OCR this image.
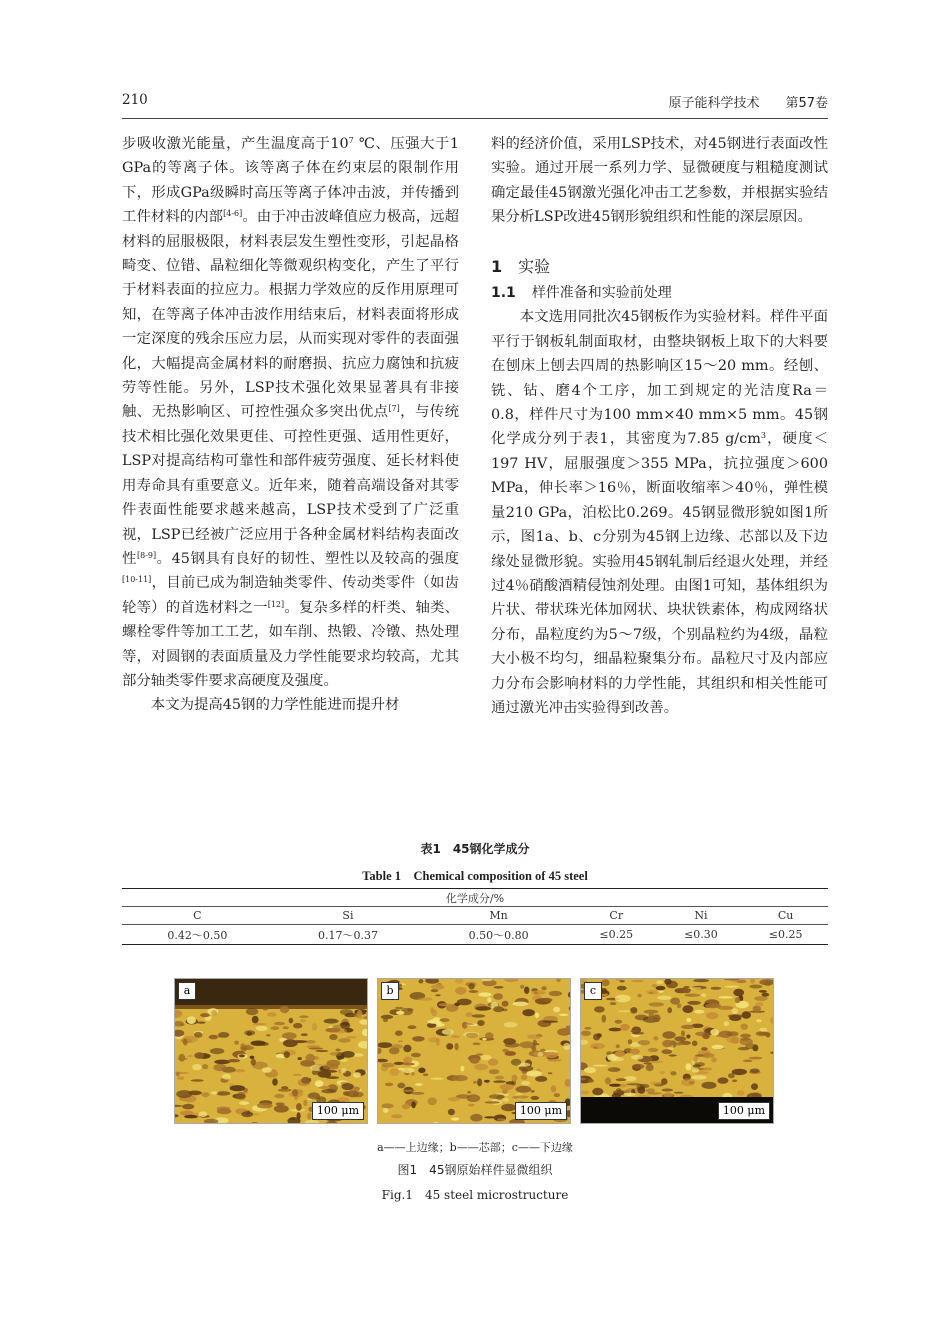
210	原子能科学技术 第57卷

步吸收激光能量，产生温度高于$10^7$ ℃、压强大于1 GPa的等离子体。该等离子体在约束层的限制作用下，形成GPa级瞬时高压等离子体冲击波，并传播到工件材料的内部[4-6]。由于冲击波峰值应力极高，远超材料的屈服极限，材料表层发生塑性变形，引起晶格畸变、位错、晶粒细化等微观织构变化，产生了平行于材料表面的拉应力。根据力学效应的反作用原理可知，在等离子体冲击波作用结束后，材料表面将形成一定深度的残余压应力层，从而实现对零件的表面强化，大幅提高金属材料的耐磨损、抗应力腐蚀和抗疲劳等性能。另外，LSP技术强化效果显著具有非接触、无热影响区、可控性强众多突出优点[7]，与传统技术相比强化效果更佳、可控性更强、适用性更好，LSP对提高结构可靠性和部件疲劳强度、延长材料使用寿命具有重要意义。近年来，随着高端设备对其零件表面性能要求越来越高，LSP技术受到了广泛重视，LSP已经被广泛应用于各种金属材料结构表面改性[8-9]。45钢具有良好的韧性、塑性以及较高的强度[10-11]，目前已成为制造轴类零件、传动类零件（如齿轮等）的首选材料之一[12]。复杂多样的杆类、轴类、螺栓零件等加工工艺，如车削、热锻、冷镦、热处理等，对圆钢的表面质量及力学性能要求均较高，尤其部分轴类零件要求高硬度及强度。

本文为提高45钢的力学性能进而提升材

料的经济价值，采用LSP技术，对45钢进行表面改性实验。通过开展一系列力学、显微硬度与粗糙度测试确定最佳45钢激光强化冲击工艺参数，并根据实验结果分析LSP改进45钢形貌组织和性能的深层原因。

1 实验
1.1 样件准备和实验前处理

本文选用同批次45钢板作为实验材料。样件平面平行于钢板轧制面取材，由整块钢板上取下的大料要在刨床上刨去四周的热影响区15～20 mm。经刨、铣、钻、磨4个工序，加工到规定的光洁度Ra＝0.8，样件尺寸为100 mm×40 mm×5 mm。45钢化学成分列于表1，其密度为7.85 $g/cm^3$，硬度＜197 HV，屈服强度＞355 MPa，抗拉强度＞600 MPa，伸长率＞16％，断面收缩率＞40％，弹性模量210 GPa，泊松比0.269。45钢显微形貌如图1所示，图1a、b、c分别为45钢上边缘、芯部以及下边缘处显微形貌。实验用45钢轧制后经退火处理，并经过4％硝酸酒精侵蚀剂处理。由图1可知，基体组织为片状、带状珠光体加网状、块状铁素体，构成网络状分布，晶粒度约为5～7级，个别晶粒约为4级，晶粒大小极不均匀，细晶粒聚集分布。晶粒尺寸及内部应力分布会影响材料的力学性能，其组织和相关性能可通过激光冲击实验得到改善。

表1　 45钢化学成分
Table 1　 Chemical composition of 45 steel
化学成分/%					
C	Si	Mn	Cr	Ni	Cu
0.42～0.50	0.17～0.37	0.50～0.80	≤0.25	≤0.30	≤0.25
a
100 μm
b
100 μm
c
100 μm
a——上边缘；b——芯部；c——下边缘
图1　45钢原始样件显微组织
Fig.1　45 steel microstructure
